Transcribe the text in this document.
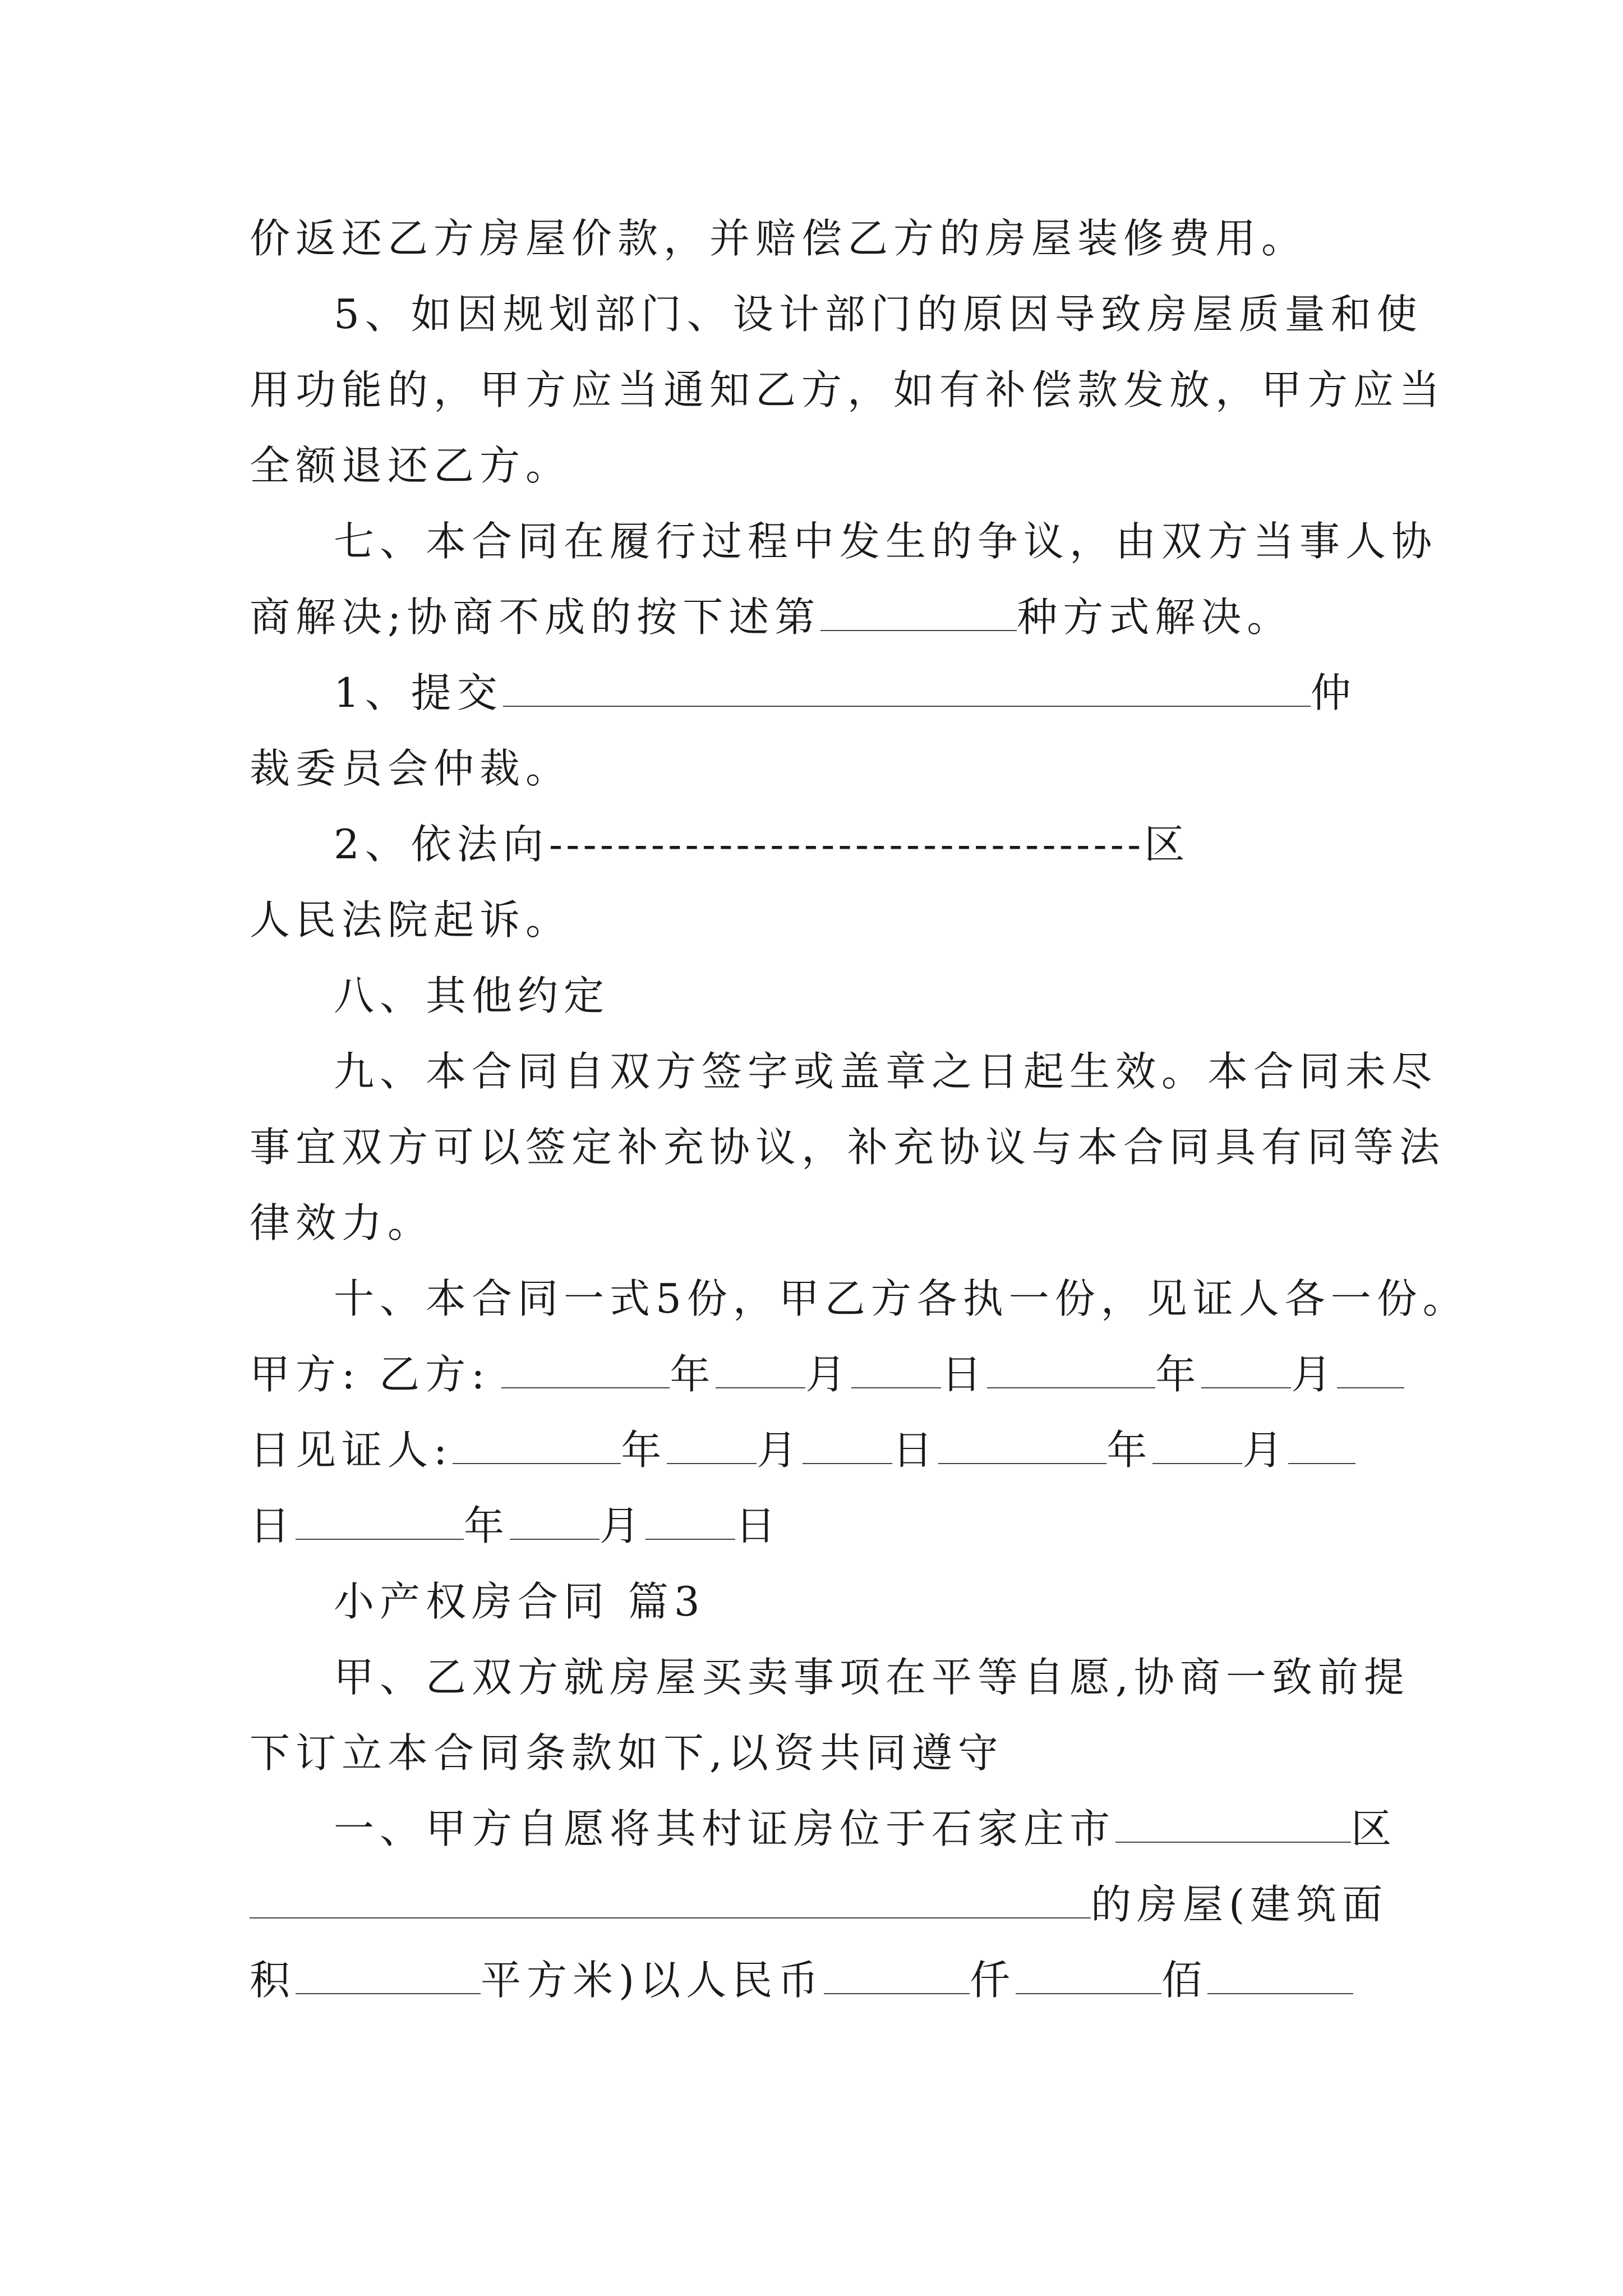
价返还乙方房屋价款，并赔偿乙方的房屋装修费用。
5、如因规划部门、设计部门的原因导致房屋质量和使
用功能的，甲方应当通知乙方，如有补偿款发放，甲方应当
全额退还乙方。
七、本合同在履行过程中发生的争议，由双方当事人协
商解决;协商不成的按下述第	种方式解决。
1、提交	仲
裁委员会仲裁。
2、依法向-----------------------------------区
人民法院起诉。
八、其他约定
九、本合同自双方签字或盖章之日起生效。本合同未尽
事宜双方可以签定补充协议，补充协议与本合同具有同等法
律效力。
十、本合同一式5份，甲乙方各执一份，见证人各一份。
甲方: 乙方:	年 月 日	年 月
日见证人:	年 月 日	年 月
日	年 月 日
小产权房合同 篇3
甲、乙双方就房屋买卖事项在平等自愿,协商一致前提
下订立本合同条款如下,以资共同遵守
一、甲方自愿将其村证房位于石家庄市	区
的房屋(建筑面
积	平方米)以人民币	仟	佰
